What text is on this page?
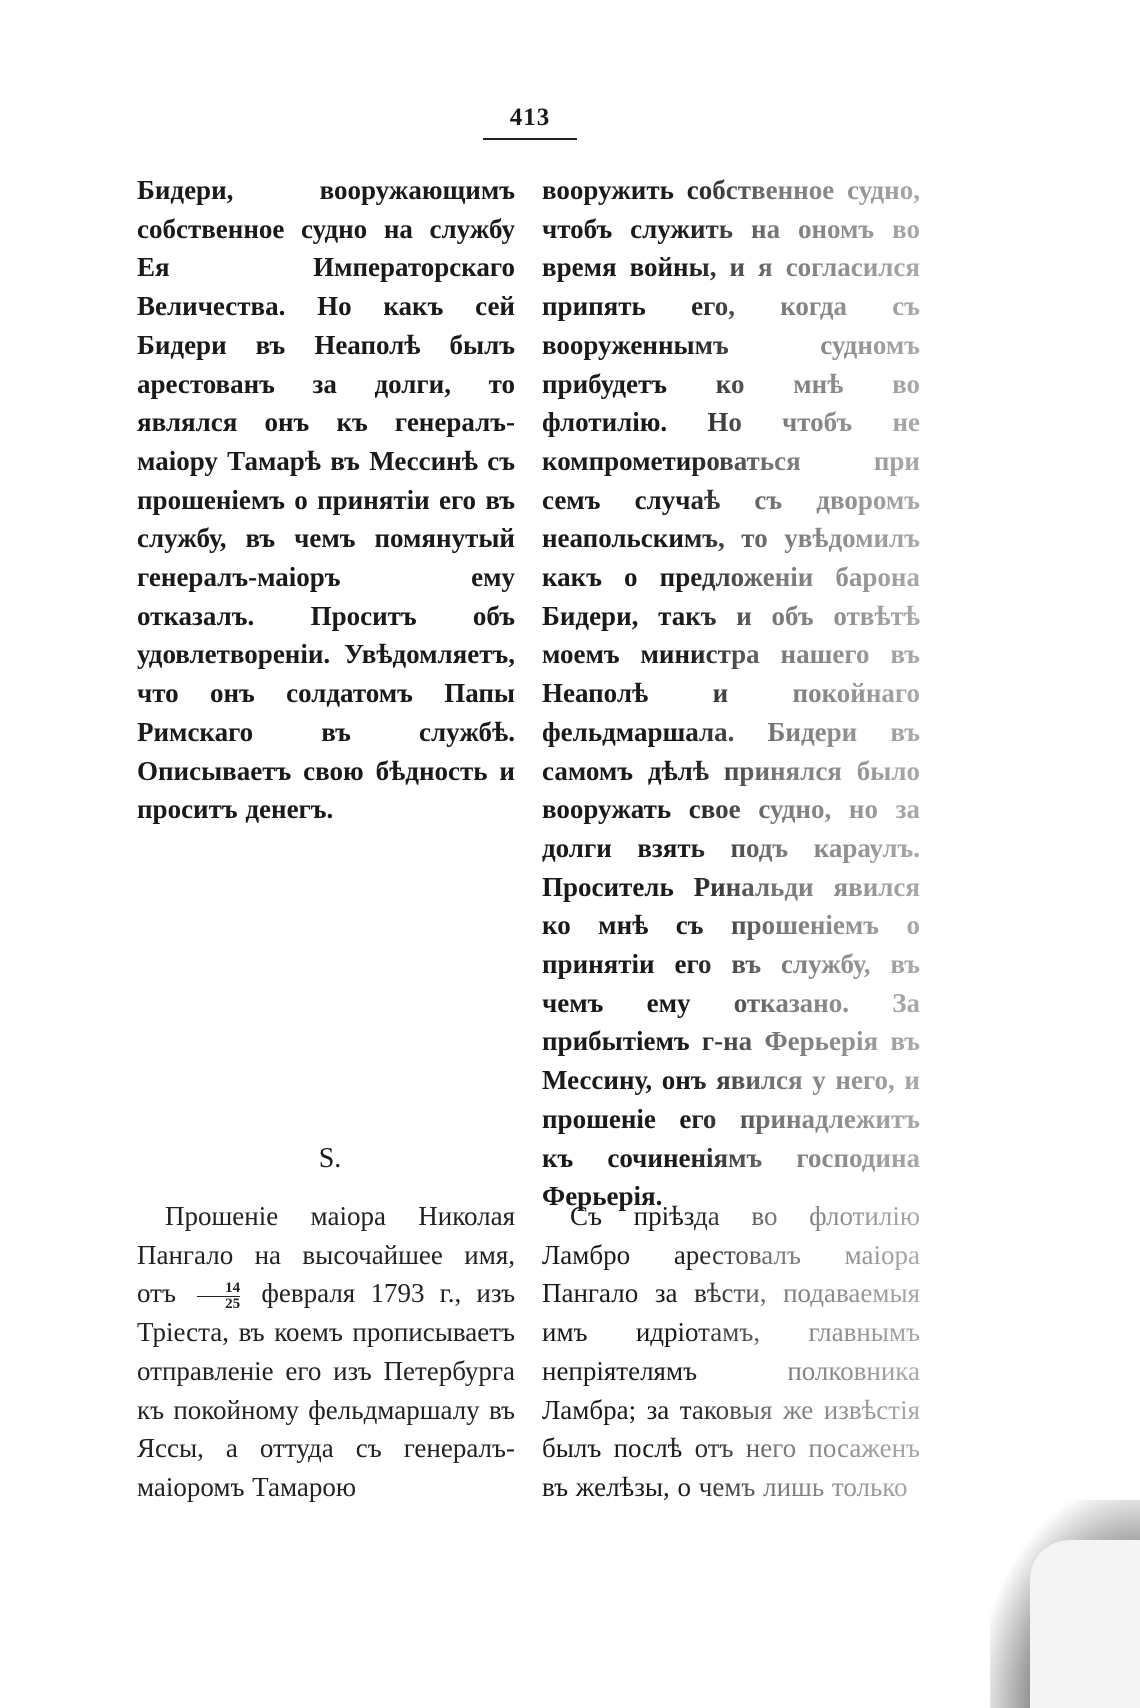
413

Бидери, вооружающимъ собственное судно на службу Ея Императорскаго Величества. Но какъ сей Бидери въ Неаполѣ былъ арестованъ за долги, то являлся онъ къ генералъ-маіору Тамарѣ въ Мессинѣ съ прошеніемъ о принятіи его въ службу, въ чемъ помянутый генералъ-маіоръ ему отказалъ. Проситъ объ удовлетвореніи. Увѣдомляетъ, что онъ солдатомъ Папы Римскаго въ службѣ. Описываетъ свою бѣдность и проситъ денегъ.

вооружить собственное судно, чтобъ служить на ономъ во время войны, и я согласился припять его, когда съ вооруженнымъ судномъ прибудетъ ко мнѣ во флотилію. Но чтобъ не компрометироваться при семъ случаѣ съ дворомъ неапольскимъ, то увѣдомилъ какъ о предложеніи барона Бидери, такъ и объ отвѣтѣ моемъ министра нашего въ Неаполѣ и покойнаго фельдмаршала. Бидери въ самомъ дѣлѣ принялся было вооружать свое судно, но за долги взять подъ караулъ. Проситель Ринальди явился ко мнѣ съ прошеніемъ о принятіи его въ службу, въ чемъ ему отказано. За прибытіемъ г-на Ферьерія въ Мессину, онъ явился у него, и прошеніе его принадлежитъ къ сочиненіямъ господина

S.

Прошеніе маіора Николая Пангало на высочайшее имя, отъ $\frac{14}{25}$ февраля 1793 г., изъ Тріеста, въ коемъ прописываетъ отправленіе его изъ Петербурга къ покойному фельдмаршалу въ Яссы, а оттуда съ генералъ-маіоромъ Тамарою

Съ пріѣзда во флотилію Ламбро арестовалъ маіора Пангало за вѣсти, подаваемыя имъ идріотамъ, главнымъ непріятелямъ полковника Ламбра; за таковыя же извѣстія былъ послѣ отъ него посаженъ въ желѣзы, о чемъ лишь только
